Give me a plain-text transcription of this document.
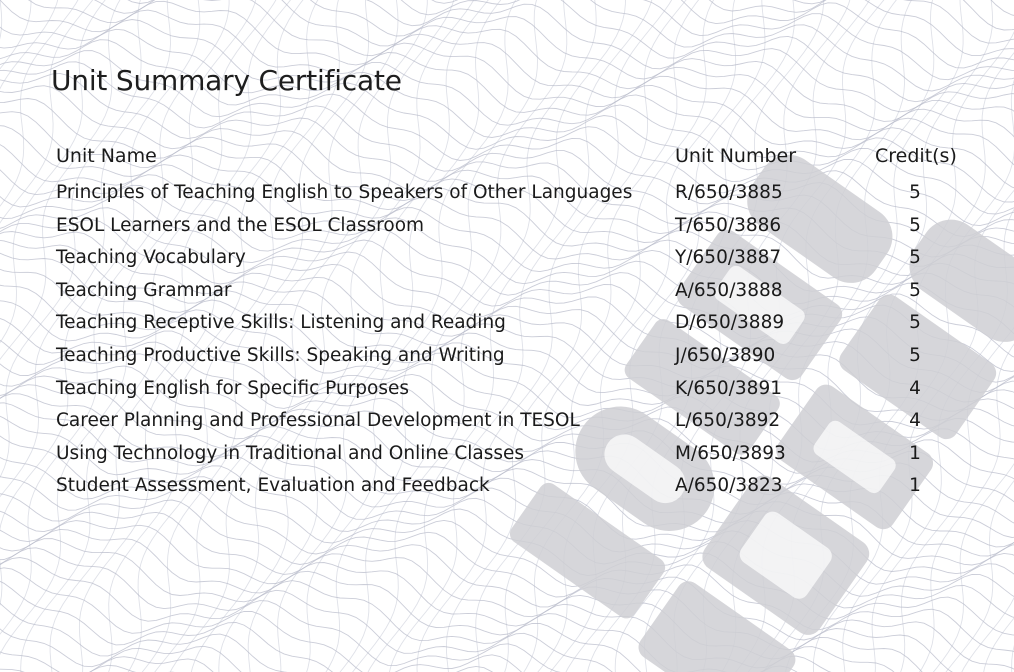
Unit Summary Certificate
Unit Name	Unit Number	Credit(s)
Principles of Teaching English to Speakers of Other Languages R/650/3885	5
ESOL Learners and the ESOL Classroom	T/650/3886	5
Teaching Vocabulary	Y/650/3887	5
Teaching Grammar	A/650/3888	5
Teaching Receptive Skills: Listening and Reading	D/650/3889	5
Teaching Productive Skills: Speaking and Writing	J/650/3890	5
Teaching English for Specific Purposes	K/650/3891	4
Career Planning and Professional Development in TESOL	L/650/3892	4
Using Technology in Traditional and Online Classes	M/650/3893	1
Student Assessment, Evaluation and Feedback	A/650/3823	1
